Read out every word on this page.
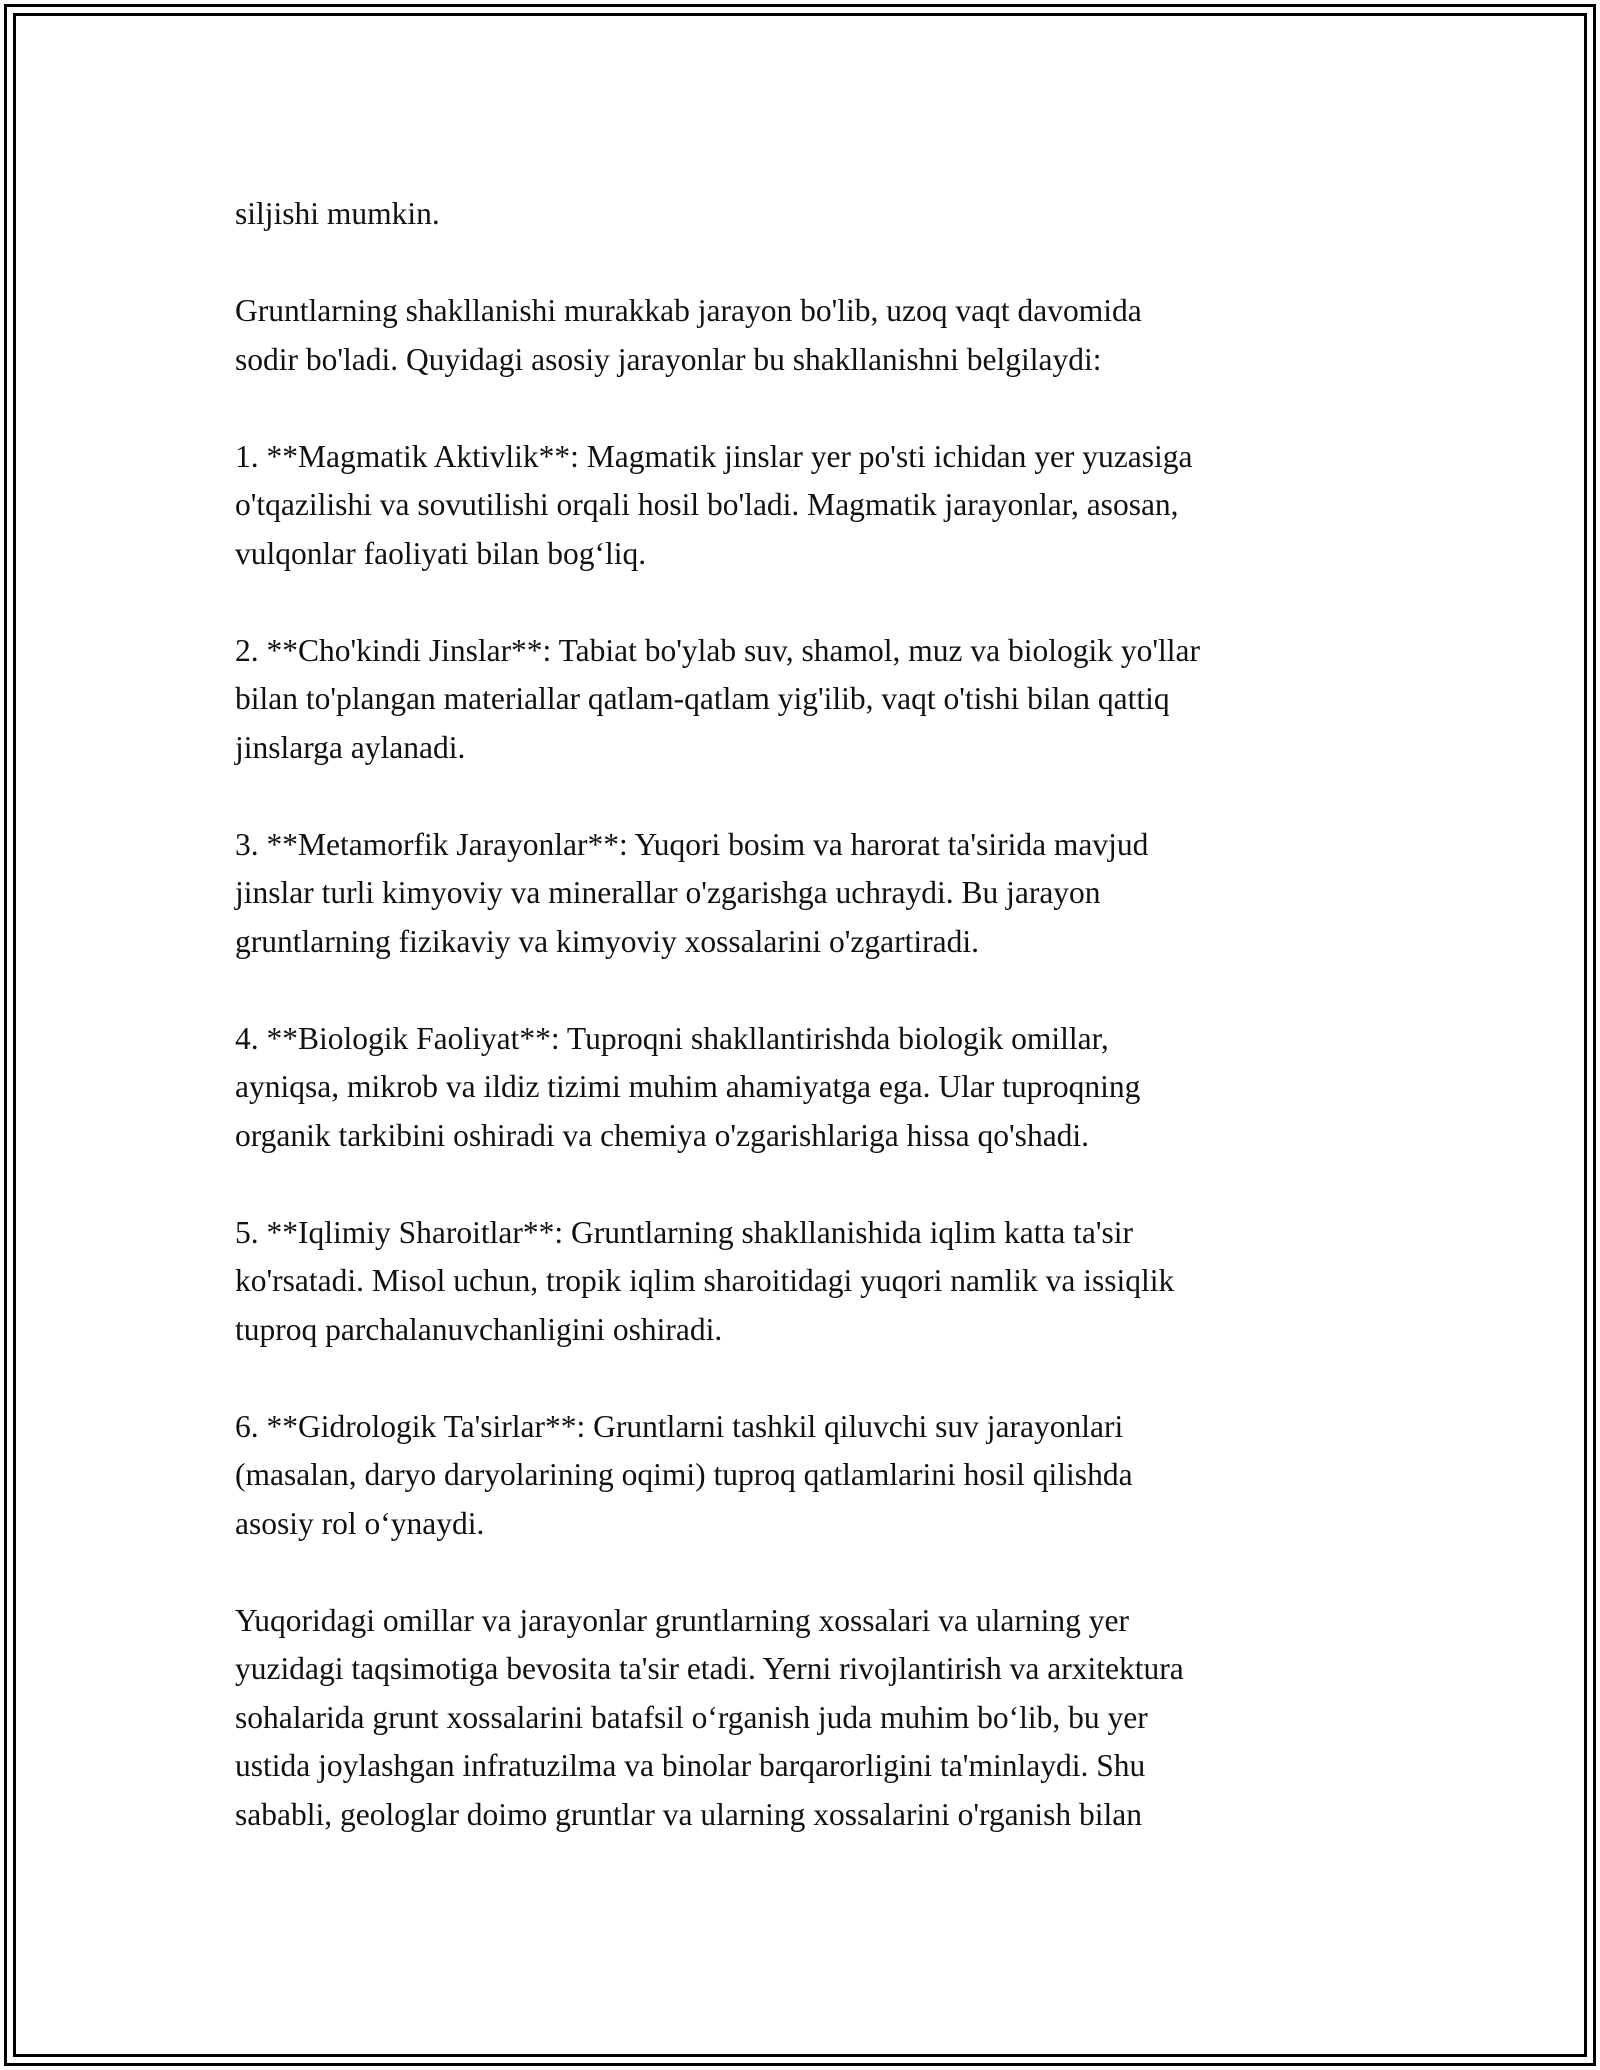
siljishi mumkin.
Gruntlarning shakllanishi murakkab jarayon bo'lib, uzoq vaqt davomida
sodir bo'ladi. Quyidagi asosiy jarayonlar bu shakllanishni belgilaydi:
1. **Magmatik Aktivlik**: Magmatik jinslar yer po'sti ichidan yer yuzasiga
o'tqazilishi va sovutilishi orqali hosil bo'ladi. Magmatik jarayonlar, asosan,
vulqonlar faoliyati bilan bog‘liq.
2. **Cho'kindi Jinslar**: Tabiat bo'ylab suv, shamol, muz va biologik yo'llar
bilan to'plangan materiallar qatlam-qatlam yig'ilib, vaqt o'tishi bilan qattiq
jinslarga aylanadi.
3. **Metamorfik Jarayonlar**: Yuqori bosim va harorat ta'sirida mavjud
jinslar turli kimyoviy va minerallar o'zgarishga uchraydi. Bu jarayon
gruntlarning fizikaviy va kimyoviy xossalarini o'zgartiradi.
4. **Biologik Faoliyat**: Tuproqni shakllantirishda biologik omillar,
ayniqsa, mikrob va ildiz tizimi muhim ahamiyatga ega. Ular tuproqning
organik tarkibini oshiradi va chemiya o'zgarishlariga hissa qo'shadi.
5. **Iqlimiy Sharoitlar**: Gruntlarning shakllanishida iqlim katta ta'sir
ko'rsatadi. Misol uchun, tropik iqlim sharoitidagi yuqori namlik va issiqlik
tuproq parchalanuvchanligini oshiradi.
6. **Gidrologik Ta'sirlar**: Gruntlarni tashkil qiluvchi suv jarayonlari
(masalan, daryo daryolarining oqimi) tuproq qatlamlarini hosil qilishda
asosiy rol o‘ynaydi.
Yuqoridagi omillar va jarayonlar gruntlarning xossalari va ularning yer
yuzidagi taqsimotiga bevosita ta'sir etadi. Yerni rivojlantirish va arxitektura
sohalarida grunt xossalarini batafsil o‘rganish juda muhim bo‘lib, bu yer
ustida joylashgan infratuzilma va binolar barqarorligini ta'minlaydi. Shu
sababli, geologlar doimo gruntlar va ularning xossalarini o'rganish bilan
